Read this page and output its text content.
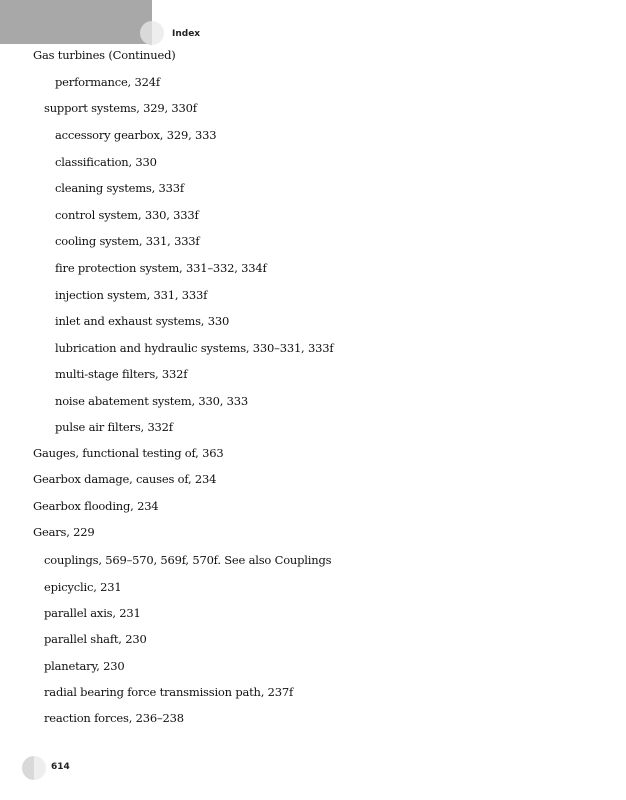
Index
Gas turbines (Continued)
performance, 324f
support systems, 329, 330f
accessory gearbox, 329, 333
classification, 330
cleaning systems, 333f
control system, 330, 333f
cooling system, 331, 333f
fire protection system, 331–332, 334f
injection system, 331, 333f
inlet and exhaust systems, 330
lubrication and hydraulic systems, 330–331, 333f
multi-stage filters, 332f
noise abatement system, 330, 333
pulse air filters, 332f
Gauges, functional testing of, 363
Gearbox damage, causes of, 234
Gearbox flooding, 234
Gears, 229
couplings, 569–570, 569f, 570f. See also Couplings
epicyclic, 231
parallel axis, 231
parallel shaft, 230
planetary, 230
radial bearing force transmission path, 237f
reaction forces, 236–238
614
